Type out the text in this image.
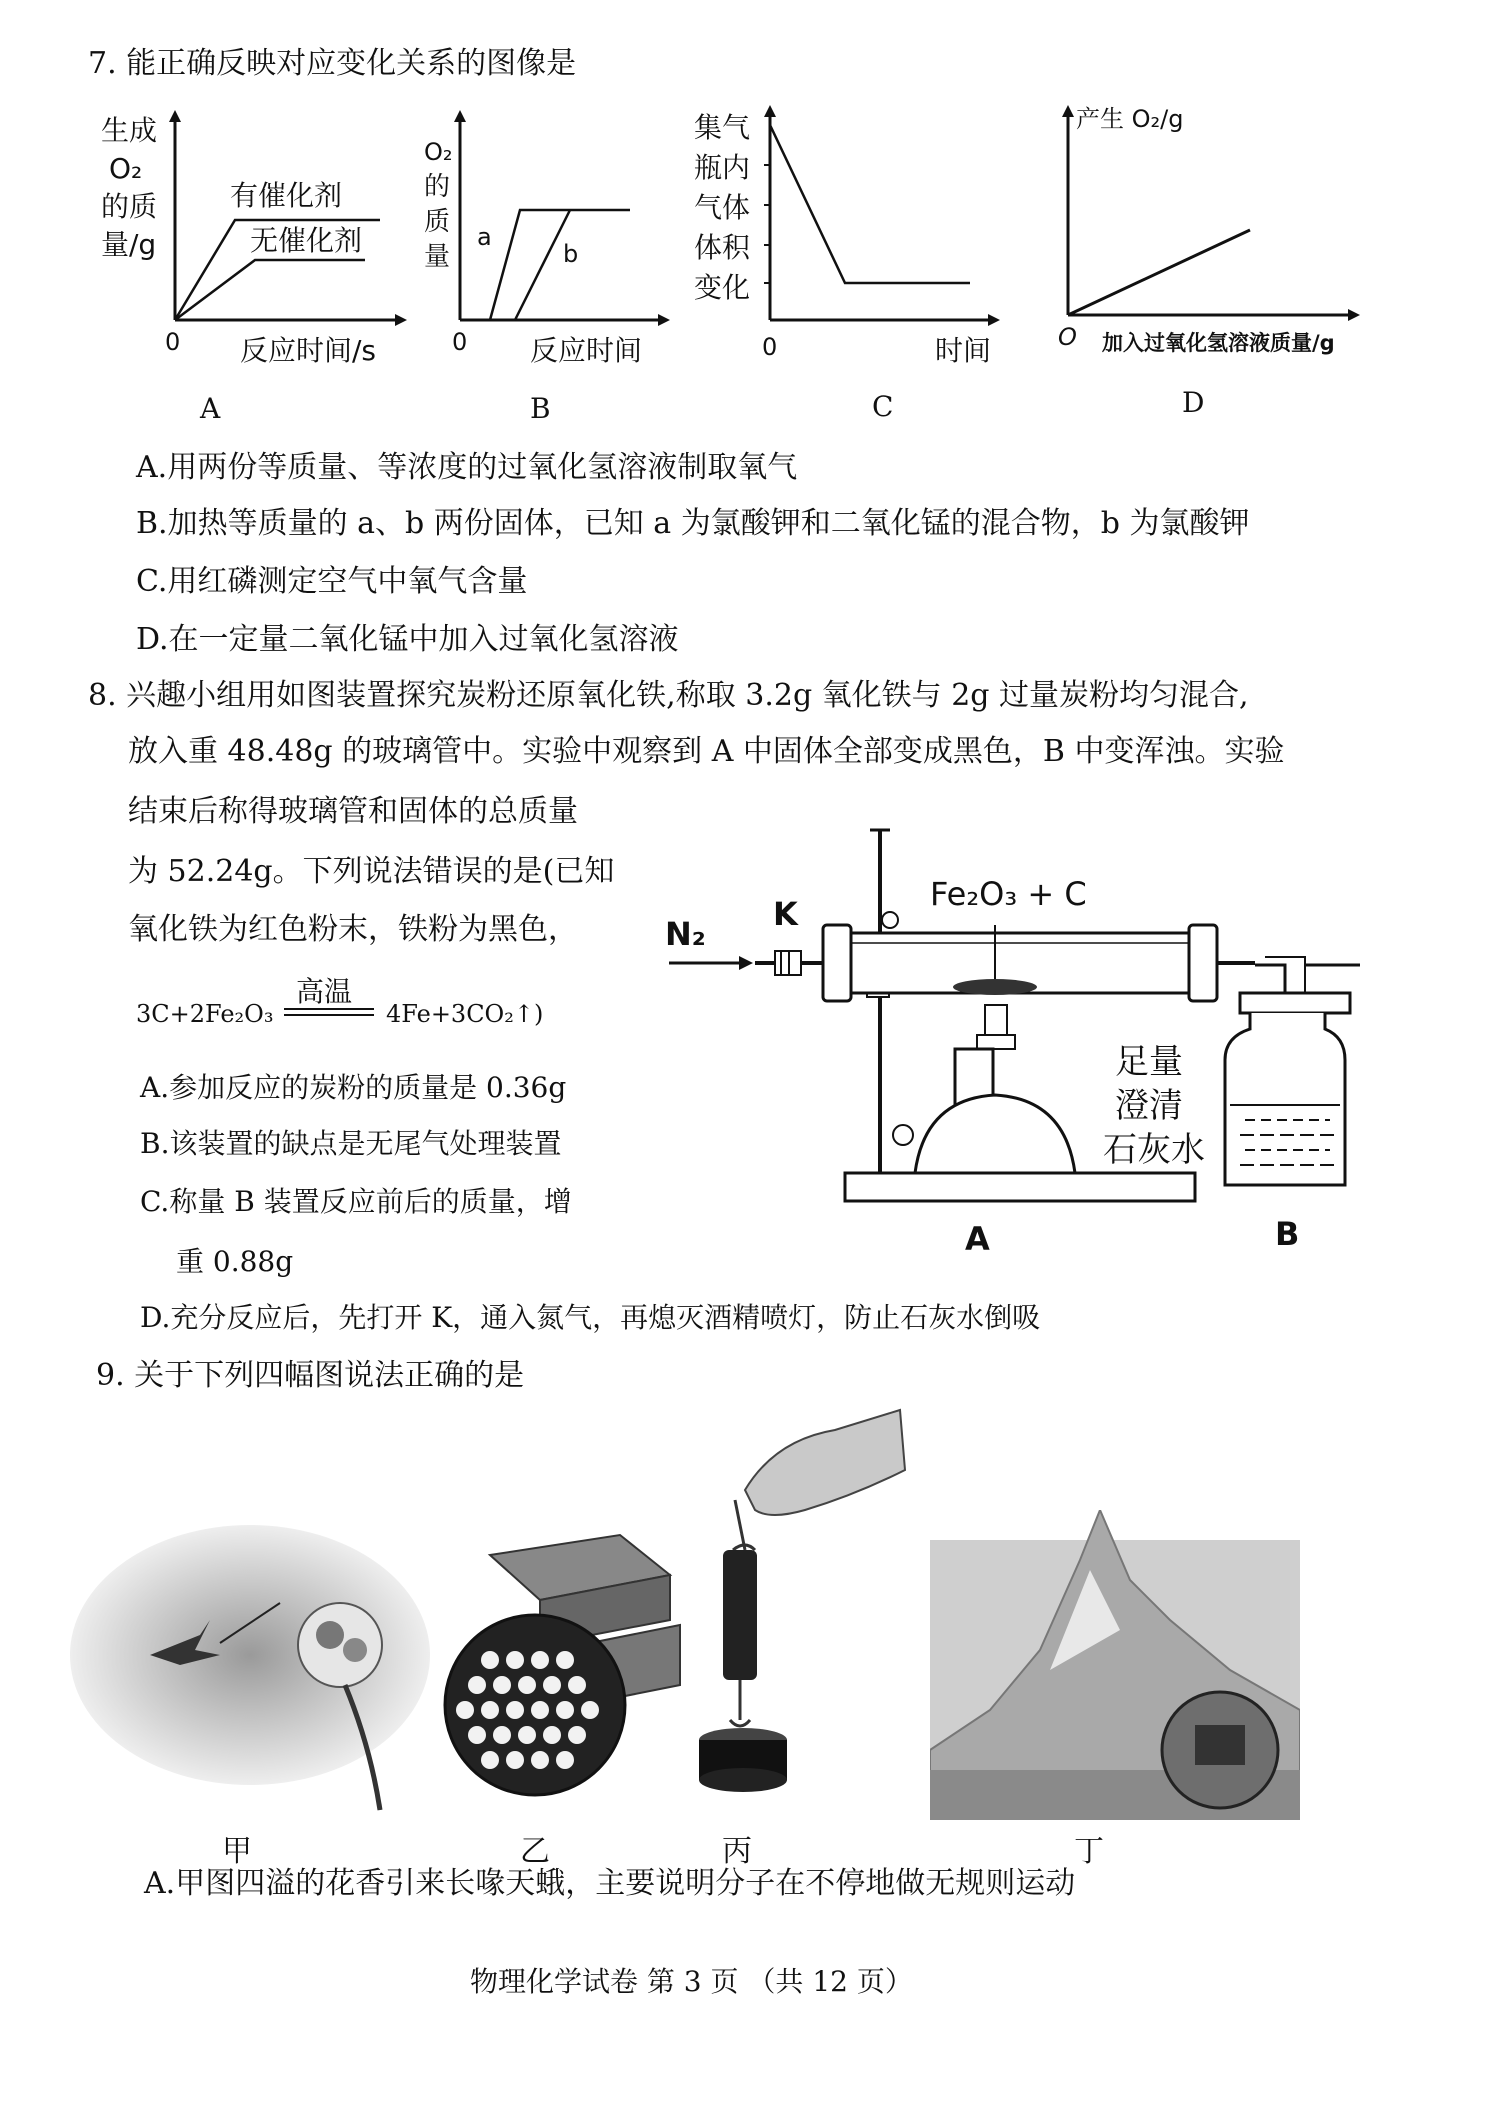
7. 能正确反映对应变化关系的图像是
0
生成
O₂
的质
量/g
有催化剂
无催化剂
反应时间/s
a
b
O₂
的
质
量
0 反应时间
集气
瓶内
气体
体积
变化
0	时间
产生 O₂/g
O 加入过氧化氢溶液质量/g
A	B	C	D
A.用两份等质量、等浓度的过氧化氢溶液制取氧气
B.加热等质量的 a、b 两份固体，已知 a 为氯酸钾和二氧化锰的混合物，b 为氯酸钾
C.用红磷测定空气中氧气含量
D.在一定量二氧化锰中加入过氧化氢溶液
8. 兴趣小组用如图装置探究炭粉还原氧化铁,称取 3.2g 氧化铁与 2g 过量炭粉均匀混合,
放入重 48.48g 的玻璃管中。实验中观察到 A 中固体全部变成黑色，B 中变浑浊。实验
结束后称得玻璃管和固体的总质量
为 52.24g。下列说法错误的是(已知
氧化铁为红色粉末，铁粉为黑色，
3C+2Fe₂O₃
高温
4Fe+3CO₂↑)
A.参加反应的炭粉的质量是 0.36g
B.该装置的缺点是无尾气处理装置
C.称量 B 装置反应前后的质量，增
重 0.88g
D.充分反应后，先打开 K，通入氮气，再熄灭酒精喷灯，防止石灰水倒吸
N₂
K
Fe₂O₃ + C
足量
澄清
石灰水
A	B
9. 关于下列四幅图说法正确的是
甲	乙	丙	丁
A.甲图四溢的花香引来长喙天蛾，主要说明分子在不停地做无规则运动
物理化学试卷 第 3 页 （共 12 页）
